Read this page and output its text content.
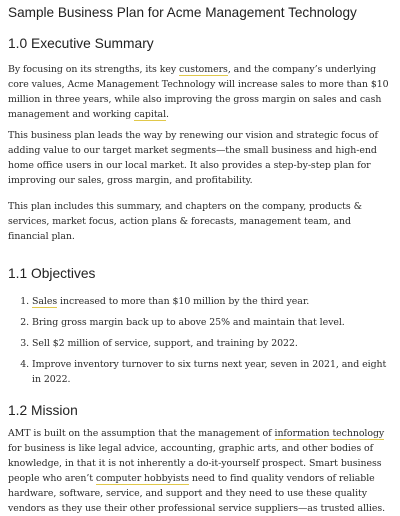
Sample Business Plan for Acme Management Technology
1.0 Executive Summary

By focusing on its strengths, its key customers, and the company’s underlying core values, Acme Management Technology will increase sales to more than $10 million in three years, while also improving the gross margin on sales and cash management and working capital.

This business plan leads the way by renewing our vision and strategic focus of adding value to our target market segments—the small business and high-end home office users in our local market. It also provides a step-by-step plan for improving our sales, gross margin, and profitability.

This plan includes this summary, and chapters on the company, products & services, market focus, action plans & forecasts, management team, and financial plan.

1.1 Objectives
1. Sales increased to more than $10 million by the third year.
2. Bring gross margin back up to above 25% and maintain that level.
3. Sell $2 million of service, support, and training by 2022.
4. Improve inventory turnover to six turns next year, seven in 2021, and eight in 2022.
1.2 Mission

AMT is built on the assumption that the management of information technology for business is like legal advice, accounting, graphic arts, and other bodies of knowledge, in that it is not inherently a do-it-yourself prospect. Smart business people who aren’t computer hobbyists need to find quality vendors of reliable hardware, software, service, and support and they need to use these quality vendors as they use their other professional service suppliers—as trusted allies.
